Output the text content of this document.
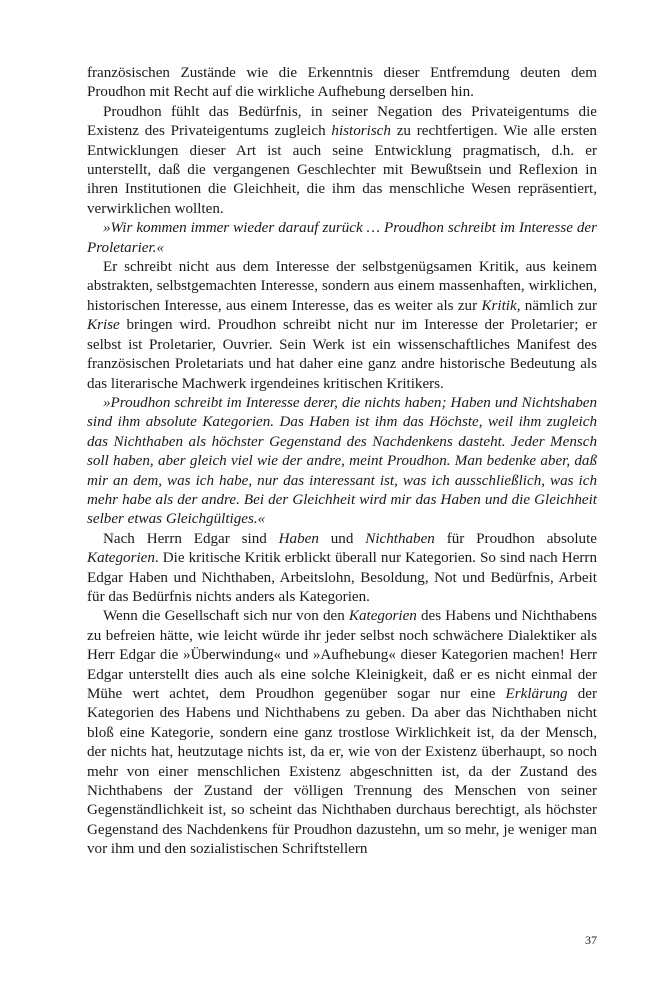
französischen Zustände wie die Erkenntnis dieser Entfremdung deuten dem Proudhon mit Recht auf die wirkliche Aufhebung derselben hin.

Proudhon fühlt das Bedürfnis, in seiner Negation des Privateigentums die Existenz des Privateigentums zugleich historisch zu rechtfertigen. Wie alle ersten Entwicklungen dieser Art ist auch seine Entwicklung pragmatisch, d.h. er unterstellt, daß die vergangenen Geschlechter mit Bewußtsein und Reflexion in ihren Institutionen die Gleichheit, die ihm das menschliche Wesen repräsentiert, verwirklichen wollten.

»Wir kommen immer wieder darauf zurück … Proudhon schreibt im Interesse der Proletarier.«

Er schreibt nicht aus dem Interesse der selbstgenügsamen Kritik, aus keinem abstrakten, selbstgemachten Interesse, sondern aus einem massenhaften, wirklichen, historischen Interesse, aus einem Interesse, das es weiter als zur Kritik, nämlich zur Krise bringen wird. Proudhon schreibt nicht nur im Interesse der Proletarier; er selbst ist Proletarier, Ouvrier. Sein Werk ist ein wissenschaftliches Manifest des französischen Proletariats und hat daher eine ganz andre historische Bedeutung als das literarische Machwerk irgendeines kritischen Kritikers.

»Proudhon schreibt im Interesse derer, die nichts haben; Haben und Nichtshaben sind ihm absolute Kategorien. Das Haben ist ihm das Höchste, weil ihm zugleich das Nichthaben als höchster Gegenstand des Nachdenkens dasteht. Jeder Mensch soll haben, aber gleich viel wie der andre, meint Proudhon. Man bedenke aber, daß mir an dem, was ich habe, nur das interessant ist, was ich ausschließlich, was ich mehr habe als der andre. Bei der Gleichheit wird mir das Haben und die Gleichheit selber etwas Gleichgültiges.«

Nach Herrn Edgar sind Haben und Nichthaben für Proudhon absolute Kategorien. Die kritische Kritik erblickt überall nur Kategorien. So sind nach Herrn Edgar Haben und Nichthaben, Arbeitslohn, Besoldung, Not und Bedürfnis, Arbeit für das Bedürfnis nichts anders als Kategorien.

Wenn die Gesellschaft sich nur von den Kategorien des Habens und Nichthabens zu befreien hätte, wie leicht würde ihr jeder selbst noch schwächere Dialektiker als Herr Edgar die »Überwindung« und »Aufhebung« dieser Kategorien machen! Herr Edgar unterstellt dies auch als eine solche Kleinigkeit, daß er es nicht einmal der Mühe wert achtet, dem Proudhon gegenüber sogar nur eine Erklärung der Kategorien des Habens und Nichthabens zu geben. Da aber das Nichthaben nicht bloß eine Kategorie, sondern eine ganz trostlose Wirklichkeit ist, da der Mensch, der nichts hat, heutzutage nichts ist, da er, wie von der Existenz überhaupt, so noch mehr von einer menschlichen Existenz abgeschnitten ist, da der Zustand des Nichthabens der Zustand der völligen Trennung des Menschen von seiner Gegenständlichkeit ist, so scheint das Nichthaben durchaus berechtigt, als höchster Gegenstand des Nachdenkens für Proudhon dazustehn, um so mehr, je weniger man vor ihm und den sozialistischen Schriftstellern

37
